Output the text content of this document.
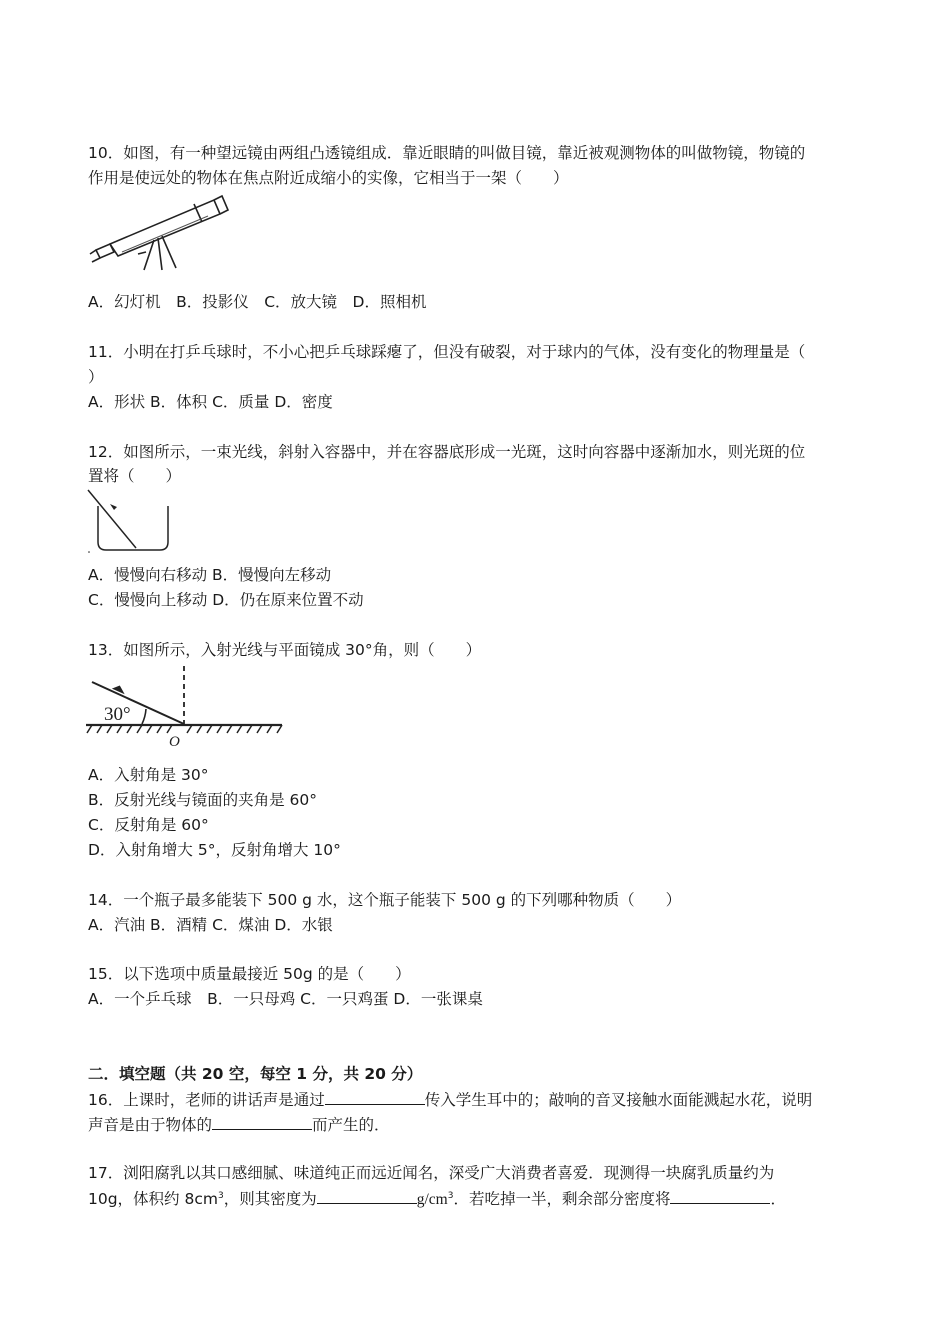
10．如图，有一种望远镜由两组凸透镜组成．靠近眼睛的叫做目镜，靠近被观测物体的叫做物镜，物镜的
作用是使远处的物体在焦点附近成缩小的实像，它相当于一架（　　）
A．幻灯机　B．投影仪　C．放大镜　D．照相机
11．小明在打乒乓球时，不小心把乒乓球踩瘪了，但没有破裂，对于球内的气体，没有变化的物理量是（
）
A．形状 B．体积 C．质量 D．密度
12．如图所示，一束光线，斜射入容器中，并在容器底形成一光斑，这时向容器中逐渐加水，则光斑的位
置将（　　）
A．慢慢向右移动 B．慢慢向左移动
C．慢慢向上移动 D．仍在原来位置不动
13．如图所示，入射光线与平面镜成 30°角，则（　　）
30°
O
A．入射角是 30°
B．反射光线与镜面的夹角是 60°
C．反射角是 60°
D．入射角增大 5°，反射角增大 10°
14．一个瓶子最多能装下 500 g 水，这个瓶子能装下 500 g 的下列哪种物质（　　）
A．汽油 B．酒精 C．煤油 D．水银
15．以下选项中质量最接近 50g 的是（　　）
A．一个乒乓球　B．一只母鸡 C．一只鸡蛋 D．一张课桌
二．填空题（共 20 空，每空 1 分，共 20 分）
16．上课时，老师的讲话声是通过	传入学生耳中的；敲响的音叉接触水面能溅起水花，说明
声音是由于物体的	而产生的．
17．浏阳腐乳以其口感细腻、味道纯正而远近闻名，深受广大消费者喜爱．现测得一块腐乳质量约为
10g，体积约 $8cm^3$，则其密度为	$g/cm^3$．若吃掉一半，剩余部分密度将	．
